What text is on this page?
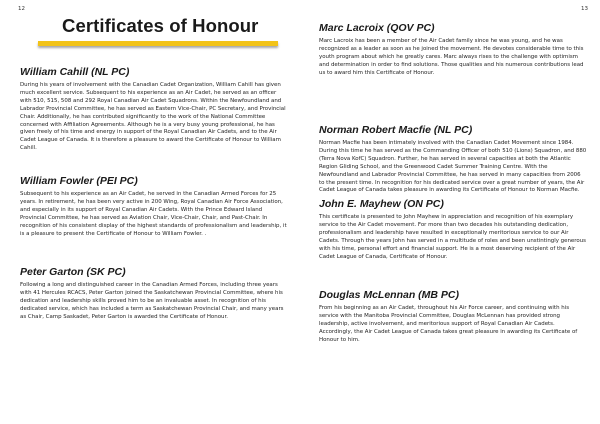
12
Certificates of Honour
William Cahill (NL PC)

During his years of involvement with the Canadian Cadet Organization, William Cahill has given much excellent service. Subsequent to his experience as an Air Cadet, he served as an officer with 510, 515, 508 and 292 Royal Canadian Air Cadet Squadrons. Within the Newfoundland and Labrador Provincial Committee, he has served as Eastern Vice-Chair, PC Secretary, and Provincial Chair. Additionally, he has contributed significantly to the work of the National Committee concerned with Affiliation Agreements. Although he is a very busy young professional, he has given freely of his time and energy in support of the Royal Canadian Air Cadets, and to the Air Cadet League of Canada. It is therefore a pleasure to award the Certificate of Honour to William Cahill.

William Fowler (PEI PC)

Subsequent to his experience as an Air Cadet, he served in the Canadian Armed Forces for 25 years. In retirement, he has been very active in 200 Wing, Royal Canadian Air Force Association, and especially in its support of Royal Canadian Air Cadets. With the Prince Edward Island Provincial Committee, he has served as Aviation Chair, Vice-Chair, Chair, and Past-Chair. In recognition of his consistent display of the highest standards of professionalism and leadership, it is a pleasure to present the Certificate of Honour to William Fowler. .

Peter Garton (SK PC)

Following a long and distinguished career in the Canadian Armed Forces, including three years with 41 Hercules RCACS, Peter Garton joined the Saskatchewan Provincial Committee, where his dedication and leadership skills proved him to be an invaluable asset. In recognition of his dedicated service, which has included a term as Saskatchewan Provincial Chair, and many years as Chair, Camp Saskadet, Peter Garton is awarded the Certificate of Honour.

13
Marc Lacroix (QOV PC)

Marc Lacroix has been a member of the Air Cadet family since he was young, and he was recognized as a leader as soon as he joined the movement. He devotes considerable time to this youth program about which he greatly cares. Marc always rises to the challenge with optimism and determination in order to find solutions. Those qualities and his numerous contributions lead us to award him this Certificate of Honour.

Norman Robert Macfie (NL PC)

Norman Macfie has been intimately involved with the Canadian Cadet Movement since 1984. During this time he has served as the Commanding Officer of both 510 (Lions) Squadron, and 880 (Terra Nova KofC) Squadron. Further, he has served in several capacities at both the Atlantic Region Gliding School, and the Greenwood Cadet Summer Training Centre. With the Newfoundland and Labrador Provincial Committee, he has served in many capacities from 2006 to the present time. In recognition for his dedicated service over a great number of years, the Air Cadet League of Canada takes pleasure in awarding its Certificate of Honour to Norman Macfie.

John E. Mayhew (ON PC)

This certificate is presented to John Mayhew in appreciation and recognition of his exemplary service to the Air Cadet movement. For more than two decades his outstanding dedication, professionalism and leadership have resulted in exceptionally meritorious service to our Air Cadets. Through the years John has served in a multitude of roles and been unstintingly generous with his time, personal effort and financial support. He is a most deserving recipient of the Air Cadet League of Canada, Certificate of Honour.

Douglas McLennan (MB PC)

From his beginning as an Air Cadet, throughout his Air Force career, and continuing with his service with the Manitoba Provincial Committee, Douglas McLennan has provided strong leadership, active involvement, and meritorious support of Royal Canadian Air Cadets. Accordingly, the Air Cadet League of Canada takes great pleasure in awarding its Certificate of Honour to him.
